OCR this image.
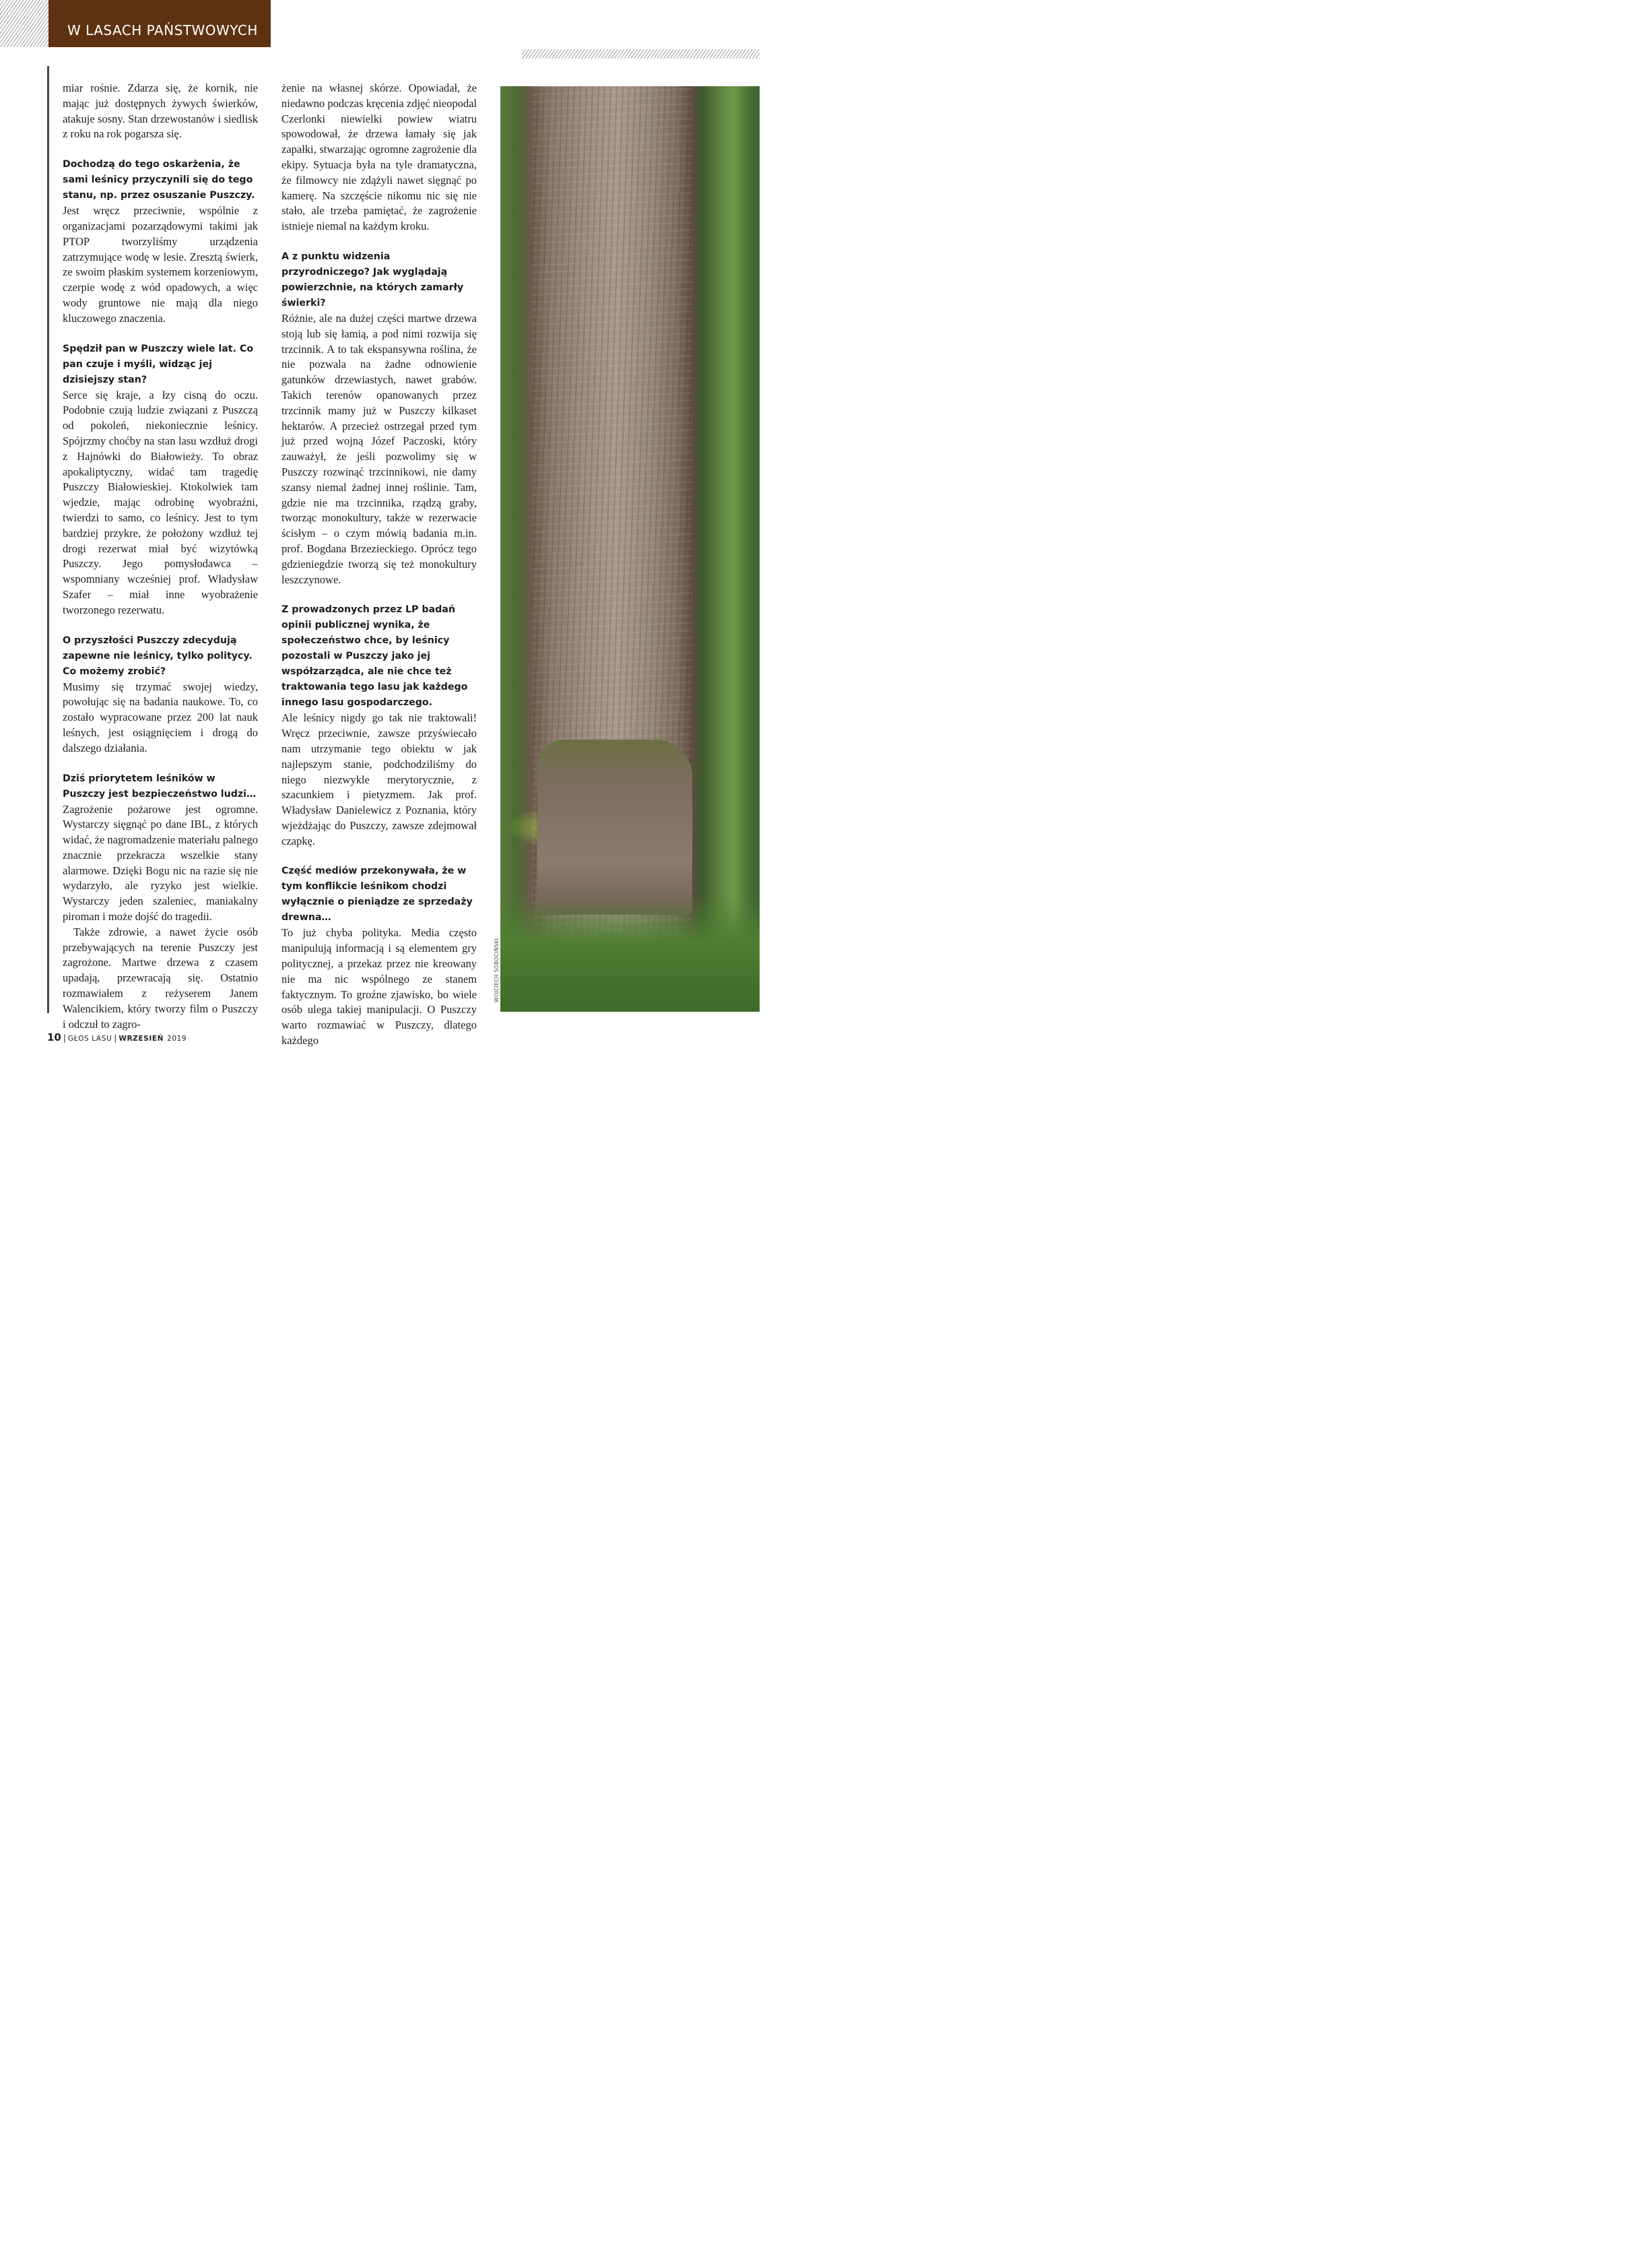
W LASACH PAŃSTWOWYCH

miar rośnie. Zdarza się, że kornik, nie mając już dostępnych żywych świerków, atakuje sosny. Stan drzewostanów i siedlisk z roku na rok pogarsza się.

Dochodzą do tego oskarżenia, że sami leśnicy przyczynili się do tego stanu, np. przez osuszanie Puszczy.

Jest wręcz przeciwnie, wspólnie z organizacjami pozarządowymi takimi jak PTOP tworzyliśmy urządzenia zatrzymujące wodę w lesie. Zresztą świerk, ze swoim płaskim systemem korzeniowym, czerpie wodę z wód opadowych, a więc wody gruntowe nie mają dla niego kluczowego znaczenia.

Spędził pan w Puszczy wiele lat. Co pan czuje i myśli, widząc jej dzisiejszy stan?

Serce się kraje, a łzy cisną do oczu. Podobnie czują ludzie związani z Puszczą od pokoleń, niekoniecznie leśnicy. Spójrzmy choćby na stan lasu wzdłuż drogi z Hajnówki do Białowieży. To obraz apokaliptyczny, widać tam tragedię Puszczy Białowieskiej. Ktokolwiek tam wjedzie, mając odrobinę wyobraźni, twierdzi to samo, co leśnicy. Jest to tym bardziej przykre, że położony wzdłuż tej drogi rezerwat miał być wizytówką Puszczy. Jego pomysłodawca – wspomniany wcześniej prof. Władysław Szafer – miał inne wyobrażenie tworzonego rezerwatu.

O przyszłości Puszczy zdecydują zapewne nie leśnicy, tylko politycy. Co możemy zrobić?

Musimy się trzymać swojej wiedzy, powołując się na badania naukowe. To, co zostało wypracowane przez 200 lat nauk leśnych, jest osiągnięciem i drogą do dalszego działania.

Dziś priorytetem leśników w Puszczy jest bezpieczeństwo ludzi…

Zagrożenie pożarowe jest ogromne. Wystarczy sięgnąć po dane IBL, z których widać, że nagromadzenie materiału palnego znacznie przekracza wszelkie stany alarmowe. Dzięki Bogu nic na razie się nie wydarzyło, ale ryzyko jest wielkie. Wystarczy jeden szaleniec, maniakalny piroman i może dojść do tragedii.

Także zdrowie, a nawet życie osób przebywających na terenie Puszczy jest zagrożone. Martwe drzewa z czasem upadają, przewracają się. Ostatnio rozmawiałem z reżyserem Janem Walencikiem, który tworzy film o Puszczy i odczuł to zagro-

żenie na własnej skórze. Opowiadał, że niedawno podczas kręcenia zdjęć nieopodal Czerlonki niewielki powiew wiatru spowodował, że drzewa łamały się jak zapałki, stwarzając ogromne zagrożenie dla ekipy. Sytuacja była na tyle dramatyczna, że filmowcy nie zdążyli nawet sięgnąć po kamerę. Na szczęście nikomu nic się nie stało, ale trzeba pamiętać, że zagrożenie istnieje niemal na każdym kroku.

A z punktu widzenia przyrodniczego? Jak wyglądają powierzchnie, na których zamarły świerki?

Różnie, ale na dużej części martwe drzewa stoją lub się łamią, a pod nimi rozwija się trzcinnik. A to tak ekspansywna roślina, że nie pozwala na żadne odnowienie gatunków drzewiastych, nawet grabów. Takich terenów opanowanych przez trzcinnik mamy już w Puszczy kilkaset hektarów. A przecież ostrzegał przed tym już przed wojną Józef Paczoski, który zauważył, że jeśli pozwolimy się w Puszczy rozwinąć trzcinnikowi, nie damy szansy niemal żadnej innej roślinie. Tam, gdzie nie ma trzcinnika, rządzą graby, tworząc monokultury, także w rezerwacie ścisłym – o czym mówią badania m.in. prof. Bogdana Brzezieckiego. Oprócz tego gdzieniegdzie tworzą się też monokultury leszczynowe.

Z prowadzonych przez LP badań opinii publicznej wynika, że społeczeństwo chce, by leśnicy pozostali w Puszczy jako jej współzarządca, ale nie chce też traktowania tego lasu jak każdego innego lasu gospodarczego.

Ale leśnicy nigdy go tak nie traktowali! Wręcz przeciwnie, zawsze przyświecało nam utrzymanie tego obiektu w jak najlepszym stanie, podchodziliśmy do niego niezwykle merytorycznie, z szacunkiem i pietyzmem. Jak prof. Władysław Danielewicz z Poznania, który wjeżdżając do Puszczy, zawsze zdejmował czapkę.

Część mediów przekonywała, że w tym konflikcie leśnikom chodzi wyłącznie o pieniądze ze sprzedaży drewna…

To już chyba polityka. Media często manipulują informacją i są elementem gry politycznej, a przekaz przez nie kreowany nie ma nic wspólnego ze stanem faktycznym. To groźne zjawisko, bo wiele osób ulega takiej manipulacji. O Puszczy warto rozmawiać w Puszczy, dlatego każdego

WOJCIECH SOBOCIŃSKI
10 | GŁOS LASU | WRZESIEŃ 2019
